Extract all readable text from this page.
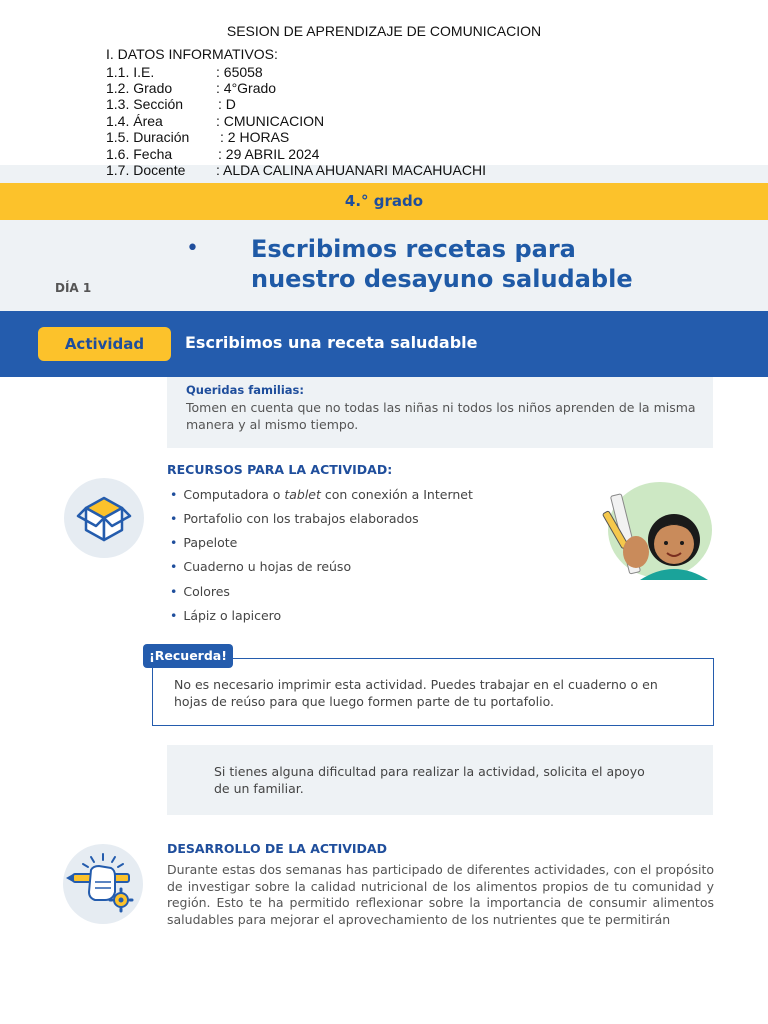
SESION DE APRENDIZAJE DE COMUNICACION
I. DATOS INFORMATIVOS:
1.1. I.E.	: 65058
1.2. Grado	: 4°Grado
1.3. Sección : D
1.4. Área	: CMUNICACION
1.5. Duración : 2 HORAS
1.6. Fecha	: 29 ABRIL 2024
1.7. Docente : ALDA CALINA AHUANARI MACAHUACHI
4.° grado
• Escribimos recetas para
nuestro desayuno saludable
DÍA 1
Actividad	Escribimos una receta saludable
Queridas familias:
Tomen en cuenta que no todas las niñas ni todos los niños aprenden de la misma manera y al mismo tiempo.
RECURSOS PARA LA ACTIVIDAD:
• Computadora o tablet con conexión a Internet
• Portafolio con los trabajos elaborados
• Papelote
• Cuaderno u hojas de reúso
• Colores
• Lápiz o lapicero
¡Recuerda!
No es necesario imprimir esta actividad. Puedes trabajar en el cuaderno o en hojas de reúso para que luego formen parte de tu portafolio.
Si tienes alguna dificultad para realizar la actividad, solicita el apoyo de un familiar.
DESARROLLO DE LA ACTIVIDAD
Durante estas dos semanas has participado de diferentes actividades, con el propósito de investigar sobre la calidad nutricional de los alimentos propios de tu comunidad y región. Esto te ha permitido reflexionar sobre la importancia de consumir alimentos saludables para mejorar el aprovechamiento de los nutrientes que te permitirán
